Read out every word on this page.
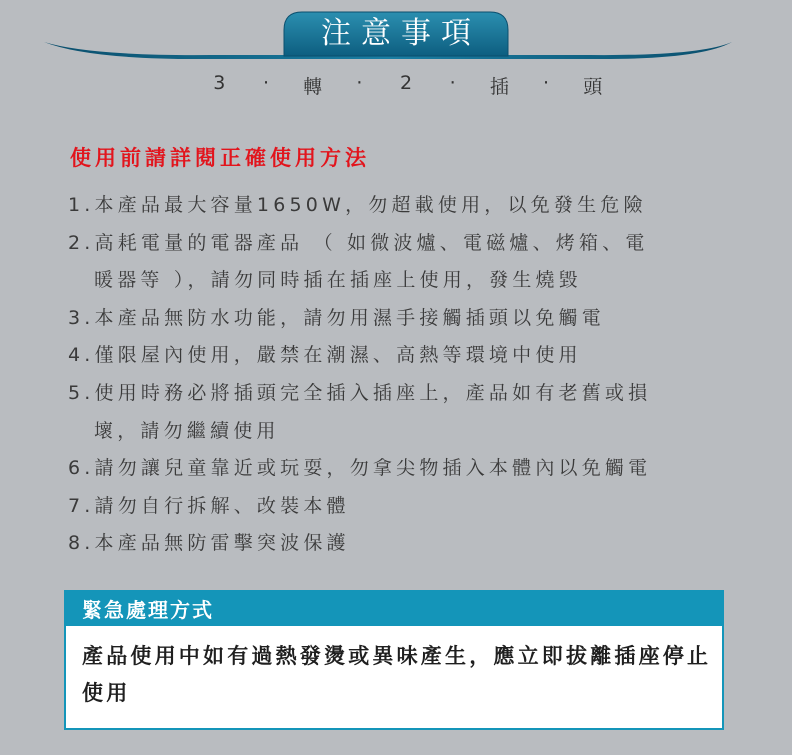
注意事項
3	·	轉	·	2	·	插	·	頭
使用前請詳閱正確使用方法
1.本產品最大容量1650W，勿超載使用，以免發生危險
2.高耗電量的電器產品 （ 如微波爐、電磁爐、烤箱、電
暖器等 ），請勿同時插在插座上使用，發生燒毀
3.本產品無防水功能，請勿用濕手接觸插頭以免觸電
4.僅限屋內使用，嚴禁在潮濕、高熱等環境中使用
5.使用時務必將插頭完全插入插座上，產品如有老舊或損
壞，請勿繼續使用
6.請勿讓兒童靠近或玩耍，勿拿尖物插入本體內以免觸電
7.請勿自行拆解、改裝本體
8.本產品無防雷擊突波保護
緊急處理方式
產品使用中如有過熱發燙或異味產生，應立即拔離插座停止使用
